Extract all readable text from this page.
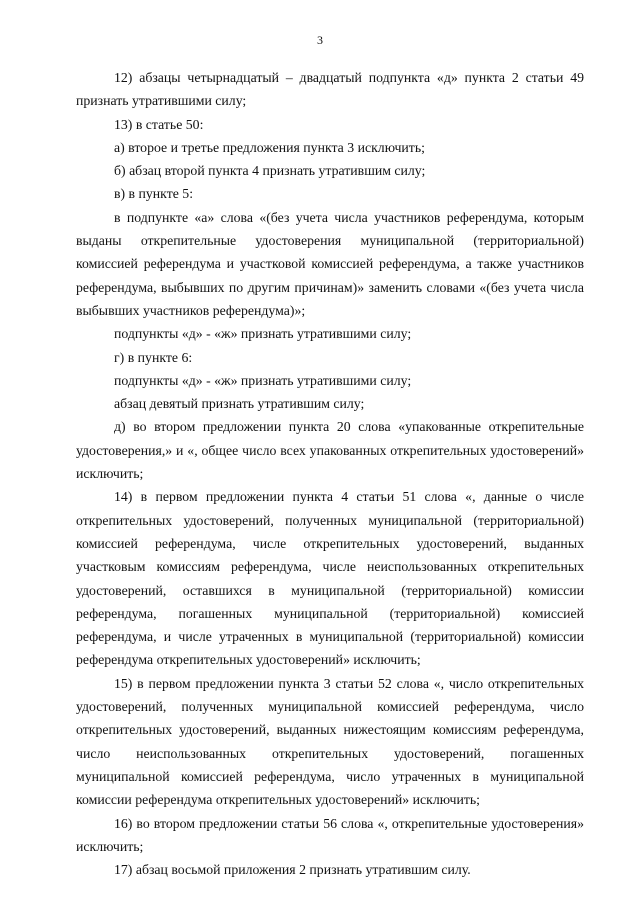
3

12) абзацы четырнадцатый – двадцатый подпункта «д» пункта 2 статьи 49 признать утратившими силу;

13) в статье 50:

а) второе и третье предложения пункта 3 исключить;

б) абзац второй пункта 4 признать утратившим силу;

в) в пункте 5:

в подпункте «а» слова «(без учета числа участников референдума, которым выданы открепительные удостоверения муниципальной (территориальной) комиссией референдума и участковой комиссией референдума, а также участников референдума, выбывших по другим причинам)» заменить словами «(без учета числа выбывших участников референдума)»;

подпункты «д» - «ж» признать утратившими силу;

г) в пункте 6:

подпункты «д» - «ж» признать утратившими силу;

абзац девятый признать утратившим силу;

д) во втором предложении пункта 20 слова «упакованные открепительные удостоверения,» и «, общее число всех упакованных открепительных удостоверений» исключить;

14) в первом предложении пункта 4 статьи 51 слова «, данные о числе открепительных удостоверений, полученных муниципальной (территориальной) комиссией референдума, числе открепительных удостоверений, выданных участковым комиссиям референдума, числе неиспользованных открепительных удостоверений, оставшихся в муниципальной (территориальной) комиссии референдума, погашенных муниципальной (территориальной) комиссией референдума, и числе утраченных в муниципальной (территориальной) комиссии референдума открепительных удостоверений» исключить;

15) в первом предложении пункта 3 статьи 52 слова «, число открепительных удостоверений, полученных муниципальной комиссией референдума, число открепительных удостоверений, выданных нижестоящим комиссиям референдума, число неиспользованных открепительных удостоверений, погашенных муниципальной комиссией референдума, число утраченных в муниципальной комиссии референдума открепительных удостоверений» исключить;

16) во втором предложении статьи 56 слова «, открепительные удостоверения» исключить;

17) абзац восьмой приложения 2 признать утратившим силу.
